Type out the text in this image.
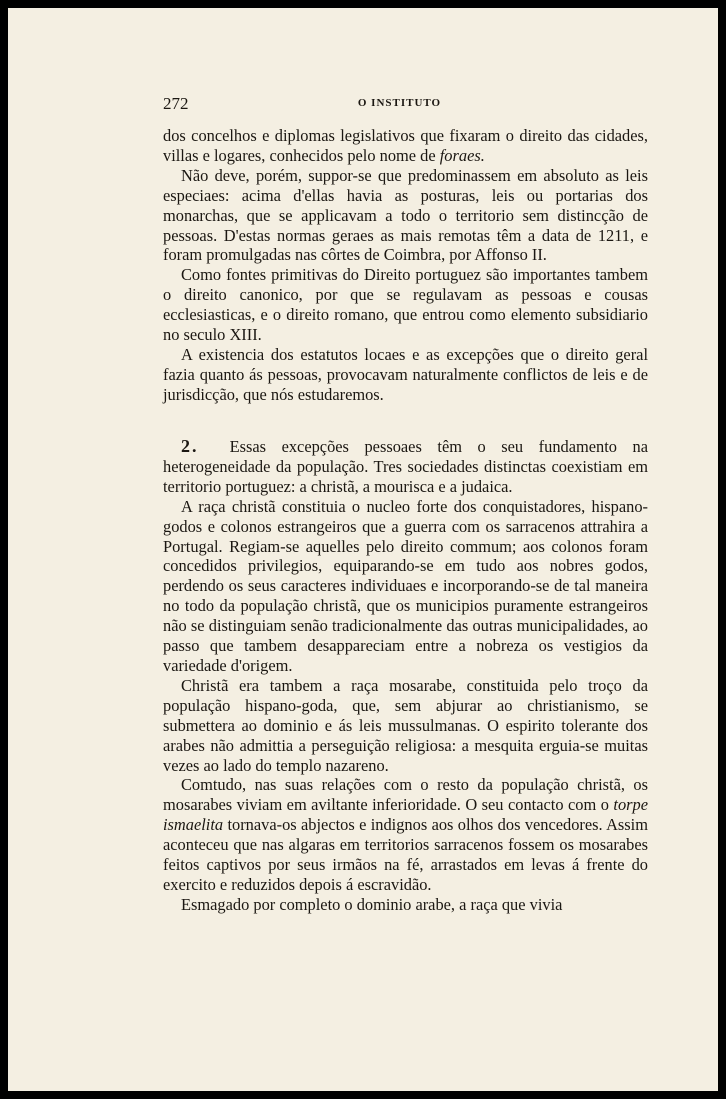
272	O INSTITUTO

dos concelhos e diplomas legislativos que fixaram o direito das cidades, villas e logares, conhecidos pelo nome de foraes.

Não deve, porém, suppor-se que predominassem em absoluto as leis especiaes: acima d'ellas havia as posturas, leis ou portarias dos monarchas, que se applicavam a todo o territorio sem distincção de pessoas. D'estas normas geraes as mais remotas têm a data de 1211, e foram promulgadas nas côrtes de Coimbra, por Affonso II.

Como fontes primitivas do Direito portuguez são importantes tambem o direito canonico, por que se regulavam as pessoas e cousas ecclesiasticas, e o direito romano, que entrou como elemento subsidiario no seculo XIII.

A existencia dos estatutos locaes e as excepções que o direito geral fazia quanto ás pessoas, provocavam naturalmente conflictos de leis e de jurisdicção, que nós estudaremos.

2. Essas excepções pessoaes têm o seu fundamento na heterogeneidade da população. Tres sociedades distinctas coexistiam em territorio portuguez: a christã, a mourisca e a judaica.

A raça christã constituia o nucleo forte dos conquistadores, hispano-godos e colonos estrangeiros que a guerra com os sarracenos attrahira a Portugal. Regiam-se aquelles pelo direito commum; aos colonos foram concedidos privilegios, equiparando-se em tudo aos nobres godos, perdendo os seus caracteres individuaes e incorporando-se de tal maneira no todo da população christã, que os municipios puramente estrangeiros não se distinguiam senão tradicionalmente das outras municipalidades, ao passo que tambem desappareciam entre a nobreza os vestigios da variedade d'origem.

Christã era tambem a raça mosarabe, constituida pelo troço da população hispano-goda, que, sem abjurar ao christianismo, se submettera ao dominio e ás leis mussulmanas. O espirito tolerante dos arabes não admittia a perseguição religiosa: a mesquita erguia-se muitas vezes ao lado do templo nazareno.

Comtudo, nas suas relações com o resto da população christã, os mosarabes viviam em aviltante inferioridade. O seu contacto com o torpe ismaelita tornava-os abjectos e indignos aos olhos dos vencedores. Assim aconteceu que nas algaras em territorios sarracenos fossem os mosarabes feitos captivos por seus irmãos na fé, arrastados em levas á frente do exercito e reduzidos depois á escravidão.

Esmagado por completo o dominio arabe, a raça que vivia
